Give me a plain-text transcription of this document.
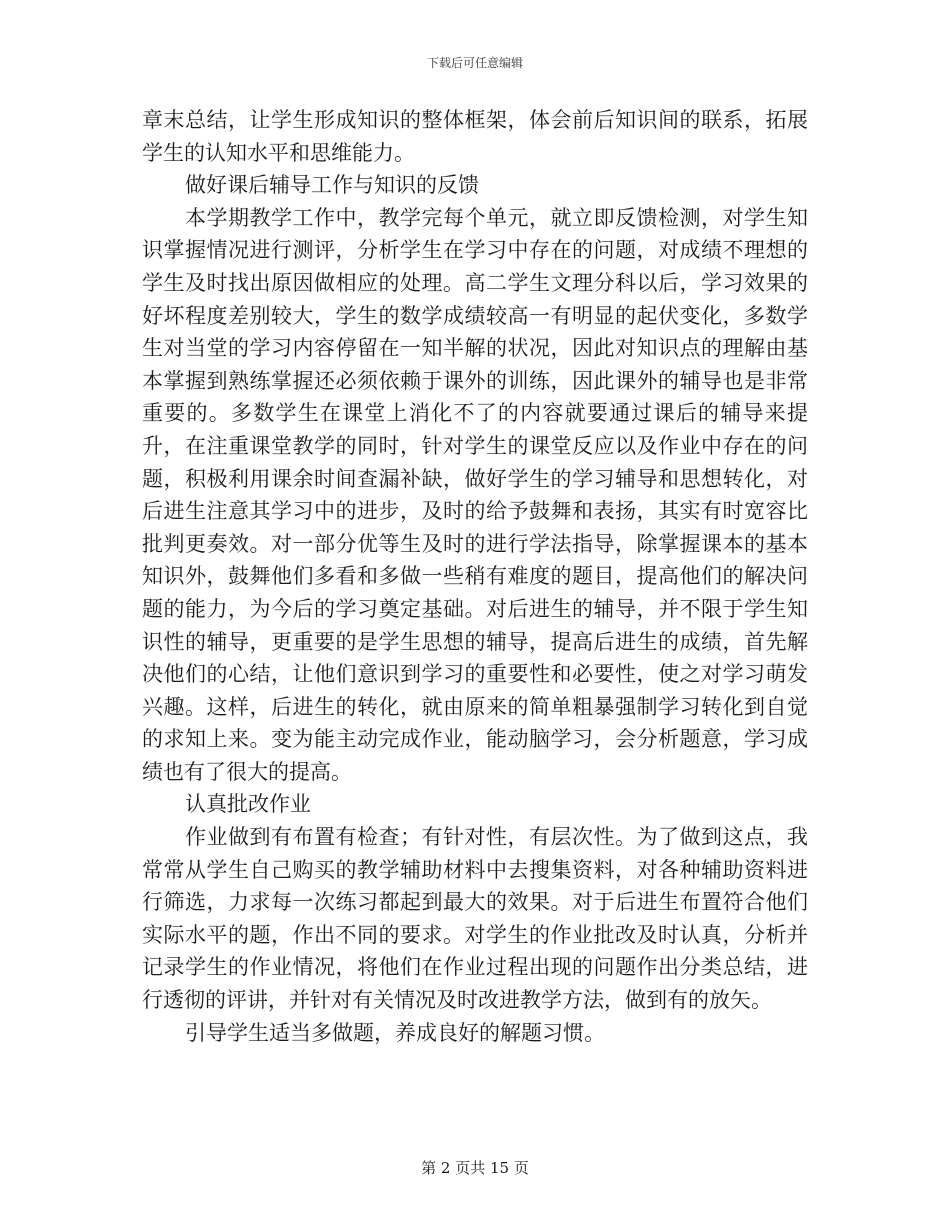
下载后可任意编辑

章末总结，让学生形成知识的整体框架，体会前后知识间的联系，拓展学生的认知水平和思维能力。

做好课后辅导工作与知识的反馈

本学期教学工作中，教学完每个单元，就立即反馈检测，对学生知识掌握情况进行测评，分析学生在学习中存在的问题，对成绩不理想的学生及时找出原因做相应的处理。高二学生文理分科以后，学习效果的好坏程度差别较大，学生的数学成绩较高一有明显的起伏变化，多数学生对当堂的学习内容停留在一知半解的状况，因此对知识点的理解由基本掌握到熟练掌握还必须依赖于课外的训练，因此课外的辅导也是非常重要的。多数学生在课堂上消化不了的内容就要通过课后的辅导来提升，在注重课堂教学的同时，针对学生的课堂反应以及作业中存在的问题，积极利用课余时间查漏补缺，做好学生的学习辅导和思想转化，对后进生注意其学习中的进步，及时的给予鼓舞和表扬，其实有时宽容比批判更奏效。对一部分优等生及时的进行学法指导，除掌握课本的基本知识外，鼓舞他们多看和多做一些稍有难度的题目，提高他们的解决问题的能力，为今后的学习奠定基础。对后进生的辅导，并不限于学生知识性的辅导，更重要的是学生思想的辅导，提高后进生的成绩，首先解决他们的心结，让他们意识到学习的重要性和必要性，使之对学习萌发兴趣。这样，后进生的转化，就由原来的简单粗暴强制学习转化到自觉的求知上来。变为能主动完成作业，能动脑学习，会分析题意，学习成绩也有了很大的提高。

认真批改作业

作业做到有布置有检查；有针对性，有层次性。为了做到这点，我常常从学生自己购买的教学辅助材料中去搜集资料，对各种辅助资料进行筛选，力求每一次练习都起到最大的效果。对于后进生布置符合他们实际水平的题，作出不同的要求。对学生的作业批改及时认真，分析并记录学生的作业情况，将他们在作业过程出现的问题作出分类总结，进行透彻的评讲，并针对有关情况及时改进教学方法，做到有的放矢。

引导学生适当多做题，养成良好的解题习惯。

第 2 页共 15 页
